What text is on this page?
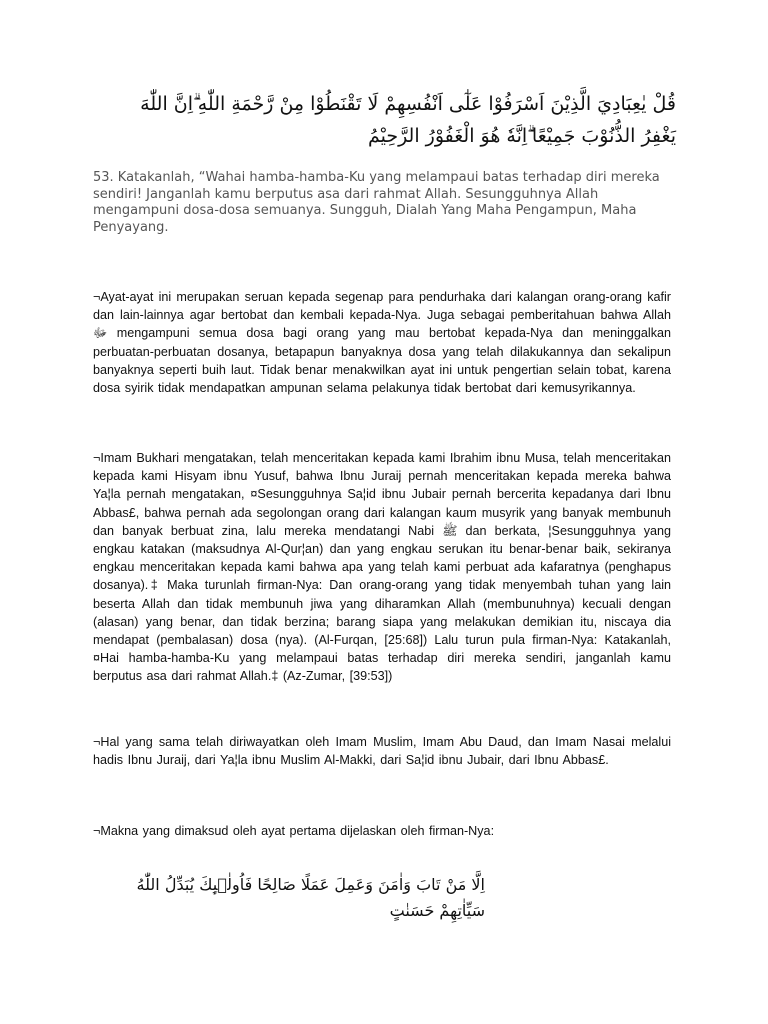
قُلْ يٰعِبَادِيَ الَّذِيْنَ اَسْرَفُوْا عَلٰٓى اَنْفُسِهِمْ لَا تَقْنَطُوْا مِنْ رَّحْمَةِ اللّٰهِ ۗاِنَّ اللّٰهَ يَغْفِرُ الذُّنُوْبَ جَمِيْعًا ۗاِنَّهٗ هُوَ الْغَفُوْرُ الرَّحِيْمُ
53. Katakanlah, “Wahai hamba-hamba-Ku yang melampaui batas terhadap diri mereka sendiri! Janganlah kamu berputus asa dari rahmat Allah. Sesungguhnya Allah mengampuni dosa-dosa semuanya. Sungguh, Dialah Yang Maha Pengampun, Maha Penyayang.
¬Ayat-ayat ini merupakan seruan kepada segenap para pendurhaka dari kalangan orang-orang kafir dan lain-lainnya agar bertobat dan kembali kepada-Nya. Juga sebagai pemberitahuan bahwa Allah ﷻ mengampuni semua dosa bagi orang yang mau bertobat kepada-Nya dan meninggalkan perbuatan-perbuatan dosanya, betapapun banyaknya dosa yang telah dilakukannya dan sekalipun banyaknya seperti buih laut. Tidak benar menakwilkan ayat ini untuk pengertian selain tobat, karena dosa syirik tidak mendapatkan ampunan selama pelakunya tidak bertobat dari kemusyrikannya.
¬Imam Bukhari mengatakan, telah menceritakan kepada kami Ibrahim ibnu Musa, telah menceritakan kepada kami Hisyam ibnu Yusuf, bahwa Ibnu Juraij pernah menceritakan kepada mereka bahwa Ya¦la pernah mengatakan, ¤Sesungguhnya Sa¦id ibnu Jubair pernah bercerita kepadanya dari Ibnu Abbas£, bahwa pernah ada segolongan orang dari kalangan kaum musyrik yang banyak membunuh dan banyak berbuat zina, lalu mereka mendatangi Nabi ﷺ dan berkata, ¦Sesungguhnya yang engkau katakan (maksudnya Al-Qur¦an) dan yang engkau serukan itu benar-benar baik, sekiranya engkau menceritakan kepada kami bahwa apa yang telah kami perbuat ada kafaratnya (penghapus dosanya).‡ Maka turunlah firman-Nya: Dan orang-orang yang tidak menyembah tuhan yang lain beserta Allah dan tidak membunuh jiwa yang diharamkan Allah (membunuhnya) kecuali dengan (alasan) yang benar, dan tidak berzina; barang siapa yang melakukan demikian itu, niscaya dia mendapat (pembalasan) dosa (nya). (Al-Furqan, [25:68]) Lalu turun pula firman-Nya: Katakanlah, ¤Hai hamba-hamba-Ku yang melampaui batas terhadap diri mereka sendiri, janganlah kamu berputus asa dari rahmat Allah.‡ (Az-Zumar, [39:53])
¬Hal yang sama telah diriwayatkan oleh Imam Muslim, Imam Abu Daud, dan Imam Nasai melalui hadis Ibnu Juraij, dari Ya¦la ibnu Muslim Al-Makki, dari Sa¦id ibnu Jubair, dari Ibnu Abbas£.
¬Makna yang dimaksud oleh ayat pertama dijelaskan oleh firman-Nya:
اِلَّا مَنْ تَابَ وَاٰمَنَ وَعَمِلَ عَمَلًا صَالِحًا فَاُولٰۤىِٕكَ يُبَدِّلُ اللّٰهُ سَيِّاٰتِهِمْ حَسَنٰتٍ
